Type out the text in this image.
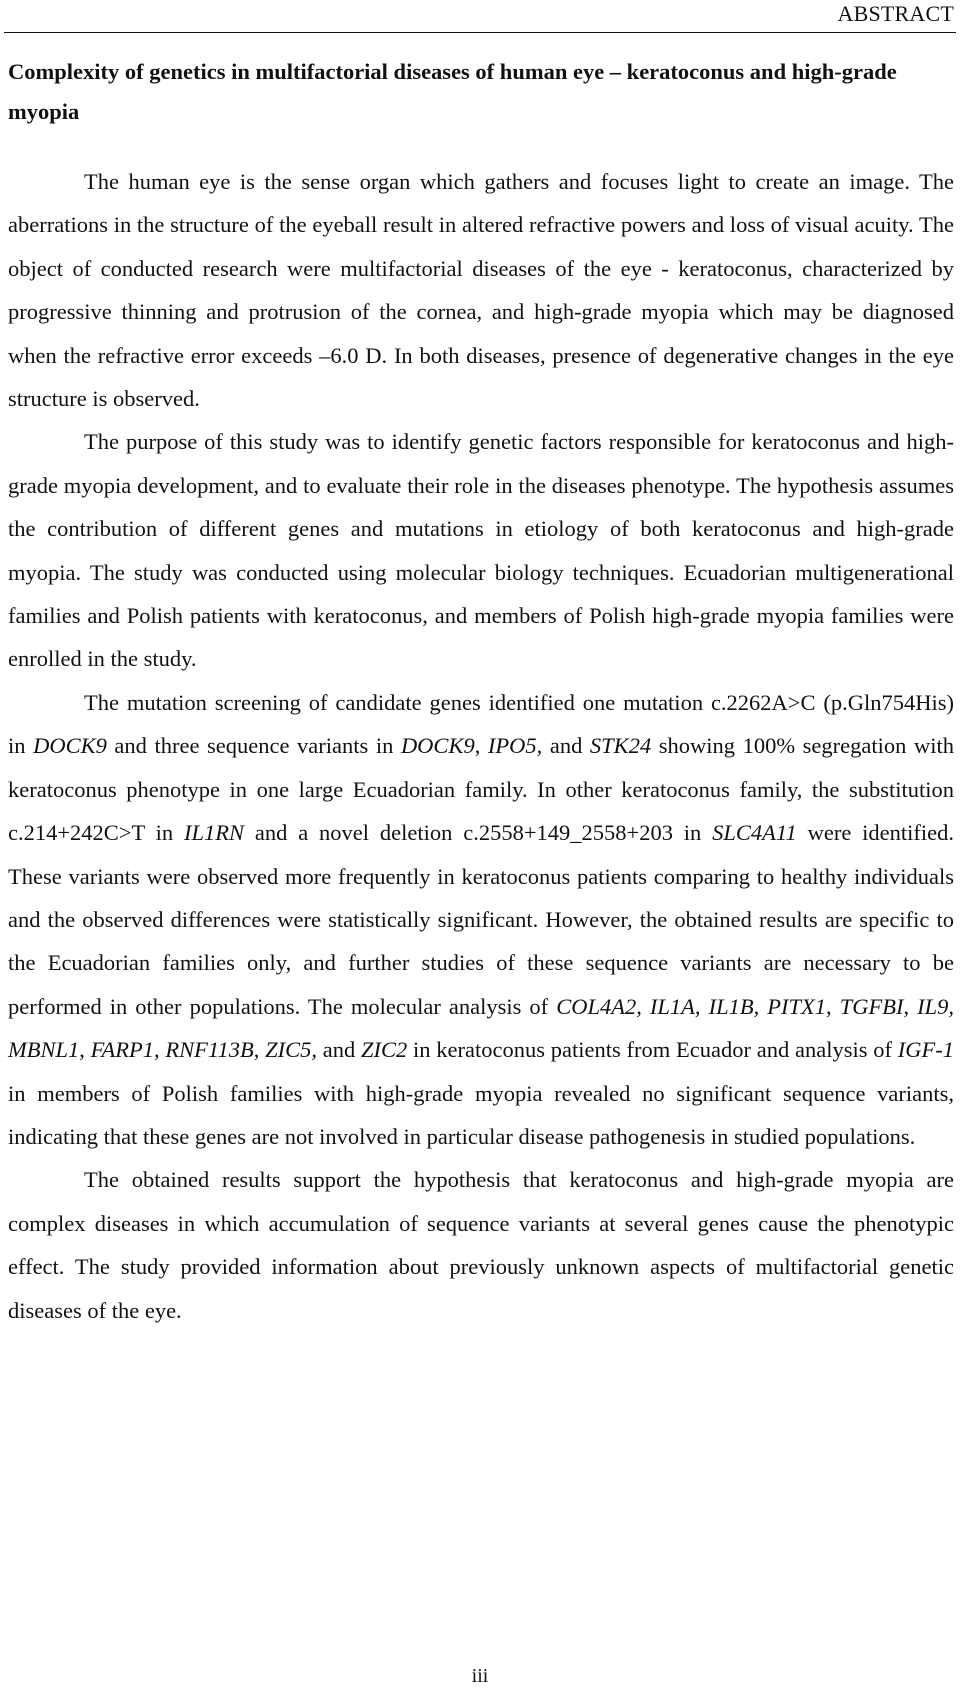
ABSTRACT
Complexity of genetics in multifactorial diseases of human eye – keratoconus and high-grade myopia

The human eye is the sense organ which gathers and focuses light to create an image. The aberrations in the structure of the eyeball result in altered refractive powers and loss of visual acuity. The object of conducted research were multifactorial diseases of the eye - keratoconus, characterized by progressive thinning and protrusion of the cornea, and high-grade myopia which may be diagnosed when the refractive error exceeds –6.0 D. In both diseases, presence of degenerative changes in the eye structure is observed.

The purpose of this study was to identify genetic factors responsible for keratoconus and high-grade myopia development, and to evaluate their role in the diseases phenotype. The hypothesis assumes the contribution of different genes and mutations in etiology of both keratoconus and high-grade myopia. The study was conducted using molecular biology techniques. Ecuadorian multigenerational families and Polish patients with keratoconus, and members of Polish high-grade myopia families were enrolled in the study.

The mutation screening of candidate genes identified one mutation c.2262A>C (p.Gln754His) in DOCK9 and three sequence variants in DOCK9, IPO5, and STK24 showing 100% segregation with keratoconus phenotype in one large Ecuadorian family. In other keratoconus family, the substitution c.214+242C>T in IL1RN and a novel deletion c.2558+149_2558+203 in SLC4A11 were identified. These variants were observed more frequently in keratoconus patients comparing to healthy individuals and the observed differences were statistically significant. However, the obtained results are specific to the Ecuadorian families only, and further studies of these sequence variants are necessary to be performed in other populations. The molecular analysis of COL4A2, IL1A, IL1B, PITX1, TGFBI, IL9, MBNL1, FARP1, RNF113B, ZIC5, and ZIC2 in keratoconus patients from Ecuador and analysis of IGF-1 in members of Polish families with high-grade myopia revealed no significant sequence variants, indicating that these genes are not involved in particular disease pathogenesis in studied populations.

The obtained results support the hypothesis that keratoconus and high-grade myopia are complex diseases in which accumulation of sequence variants at several genes cause the phenotypic effect. The study provided information about previously unknown aspects of multifactorial genetic diseases of the eye.

iii
